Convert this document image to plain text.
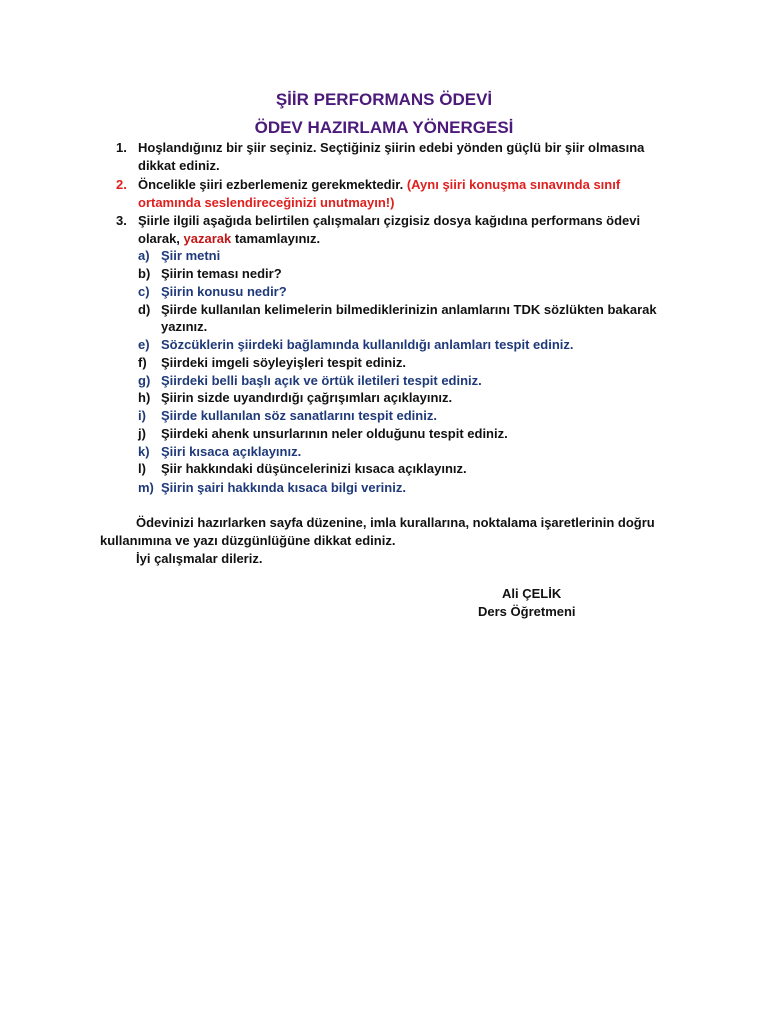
ŞİİR PERFORMANS ÖDEVİ
ÖDEV HAZIRLAMA YÖNERGESİ
1. Hoşlandığınız bir şiir seçiniz. Seçtiğiniz şiirin edebi yönden güçlü bir şiir olmasına
dikkat ediniz.
2. Öncelikle şiiri ezberlemeniz gerekmektedir. (Aynı şiiri konuşma sınavında sınıf
ortamında seslendireceğinizi unutmayın!)
3. Şiirle ilgili aşağıda belirtilen çalışmaları çizgisiz dosya kağıdına performans ödevi
olarak, yazarak tamamlayınız.
a) Şiir metni
b) Şiirin teması nedir?
c) Şiirin konusu nedir?
d) Şiirde kullanılan kelimelerin bilmediklerinizin anlamlarını TDK sözlükten bakarak
yazınız.
e) Sözcüklerin şiirdeki bağlamında kullanıldığı anlamları tespit ediniz.
f) Şiirdeki imgeli söyleyişleri tespit ediniz.
g) Şiirdeki belli başlı açık ve örtük iletileri tespit ediniz.
h) Şiirin sizde uyandırdığı çağrışımları açıklayınız.
i) Şiirde kullanılan söz sanatlarını tespit ediniz.
j) Şiirdeki ahenk unsurlarının neler olduğunu tespit ediniz.
k) Şiiri kısaca açıklayınız.
l) Şiir hakkındaki düşüncelerinizi kısaca açıklayınız.
m) Şiirin şairi hakkında kısaca bilgi veriniz.
Ödevinizi hazırlarken sayfa düzenine, imla kurallarına, noktalama işaretlerinin doğru
kullanımına ve yazı düzgünlüğüne dikkat ediniz.
İyi çalışmalar dileriz.
Ali ÇELİK
Ders Öğretmeni
